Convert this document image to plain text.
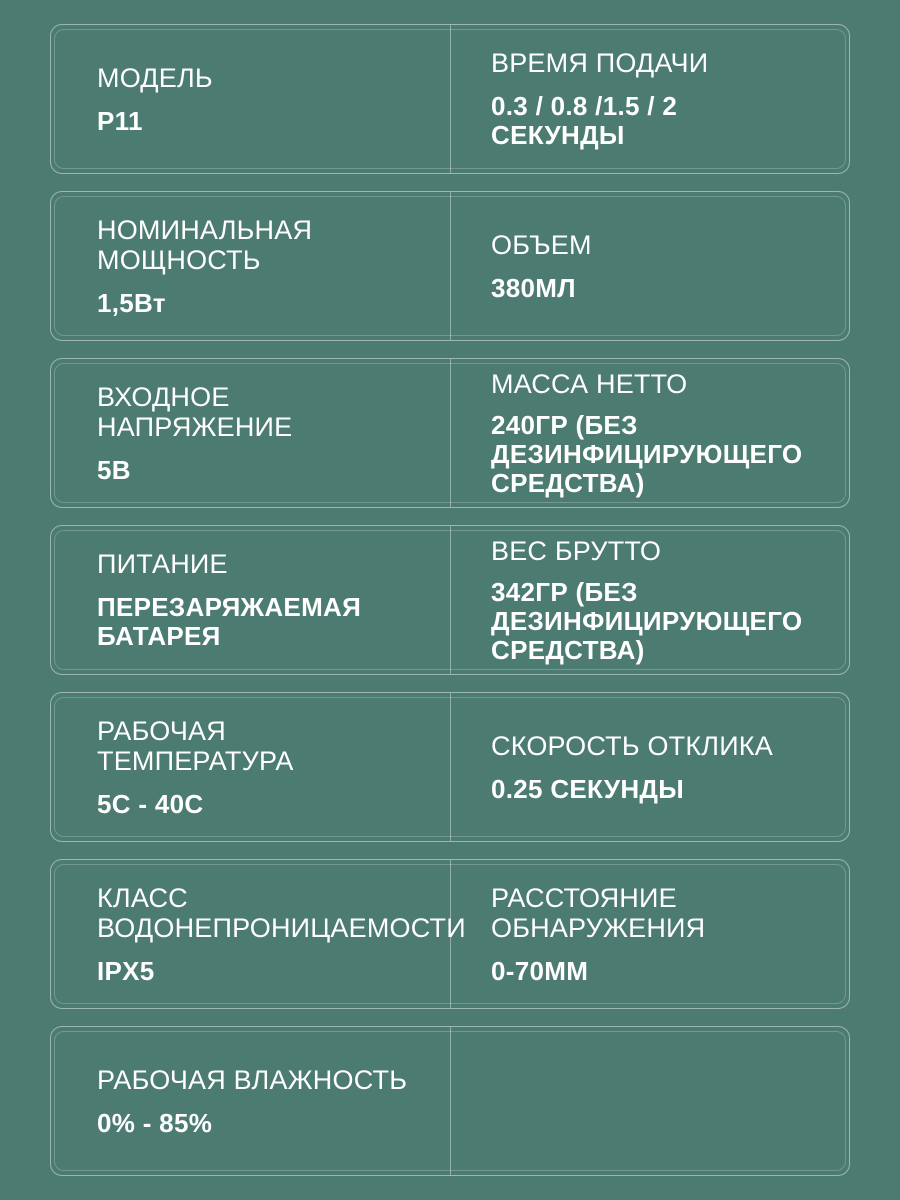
МОДЕЛЬ
P11
ВРЕМЯ ПОДАЧИ
0.3 / 0.8 /1.5 / 2
СЕКУНДЫ
НОМИНАЛЬНАЯ
МОЩНОСТЬ
1,5Вт
ОБЪЕМ
380МЛ
ВХОДНОЕ
НАПРЯЖЕНИЕ
5В
МАССА НЕТТО
240ГР (БЕЗ
ДЕЗИНФИЦИРУЮЩЕГО
СРЕДСТВА)
ПИТАНИЕ
ПЕРЕЗАРЯЖАЕМАЯ
БАТАРЕЯ
ВЕС БРУТТО
342ГР (БЕЗ
ДЕЗИНФИЦИРУЮЩЕГО
СРЕДСТВА)
РАБОЧАЯ
ТЕМПЕРАТУРА
5C - 40C
СКОРОСТЬ ОТКЛИКА
0.25 СЕКУНДЫ
КЛАСС
ВОДОНЕПРОНИЦАЕМОСТИ
IPX5
РАССТОЯНИЕ
ОБНАРУЖЕНИЯ
0-70ММ
РАБОЧАЯ ВЛАЖНОСТЬ
0% - 85%
